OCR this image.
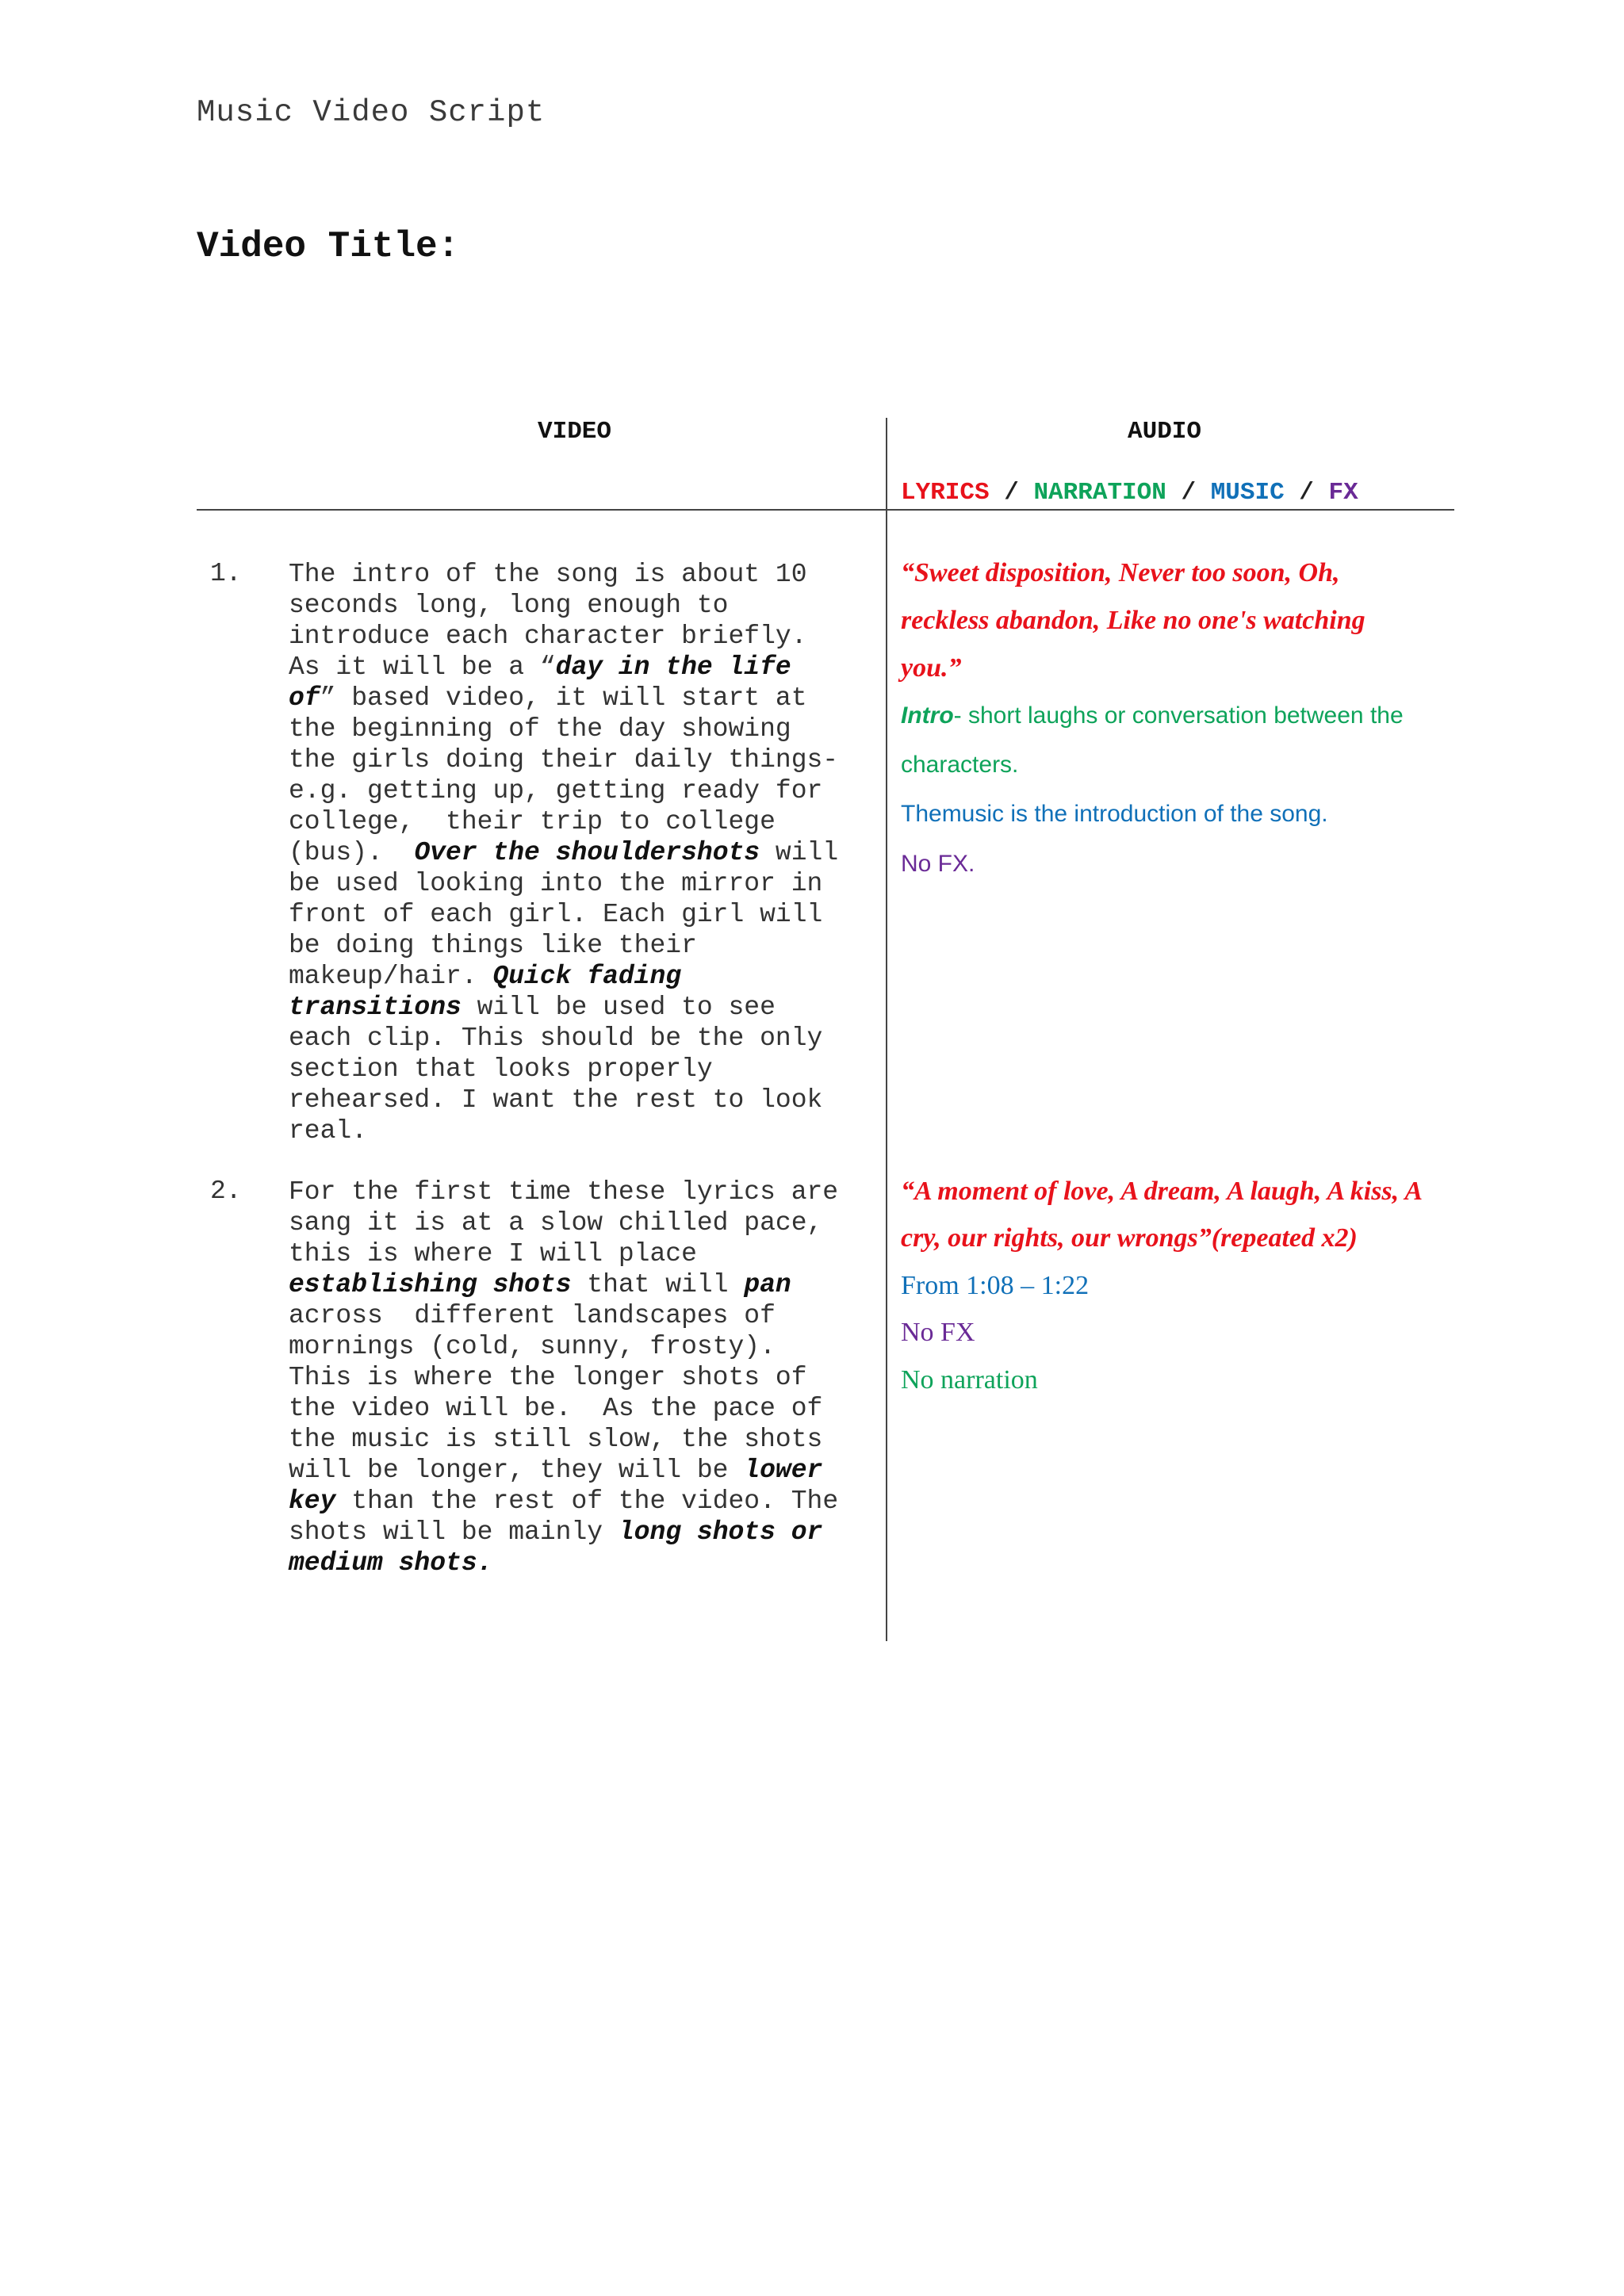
Music Video Script
Video Title:
VIDEO	AUDIO
LYRICS / NARRATION / MUSIC / FX
1. The intro of the song is about 10
seconds long, long enough to
introduce each character briefly.
As it will be a “day in the life
of” based video, it will start at
the beginning of the day showing
the girls doing their daily things-
e.g. getting up, getting ready for
college,  their trip to college
(bus).  Over the shouldershots will
be used looking into the mirror in
front of each girl. Each girl will
be doing things like their
makeup/hair. Quick fading
transitions will be used to see
each clip. This should be the only
section that looks properly
rehearsed. I want the rest to look
real.
“Sweet disposition, Never too soon, Oh,
reckless abandon, Like no one's watching
you.”
Intro- short laughs or conversation between the
characters.
Themusic is the introduction of the song.
No FX.
2. For the first time these lyrics are
sang it is at a slow chilled pace,
this is where I will place
establishing shots that will pan
across  different landscapes of
mornings (cold, sunny, frosty).
This is where the longer shots of
the video will be.  As the pace of
the music is still slow, the shots
will be longer, they will be lower
key than the rest of the video. The
shots will be mainly long shots or
medium shots.
“A moment of love, A dream, A laugh, A kiss, A
cry, our rights, our wrongs”(repeated x2)
From 1:08 – 1:22
No FX
No narration
